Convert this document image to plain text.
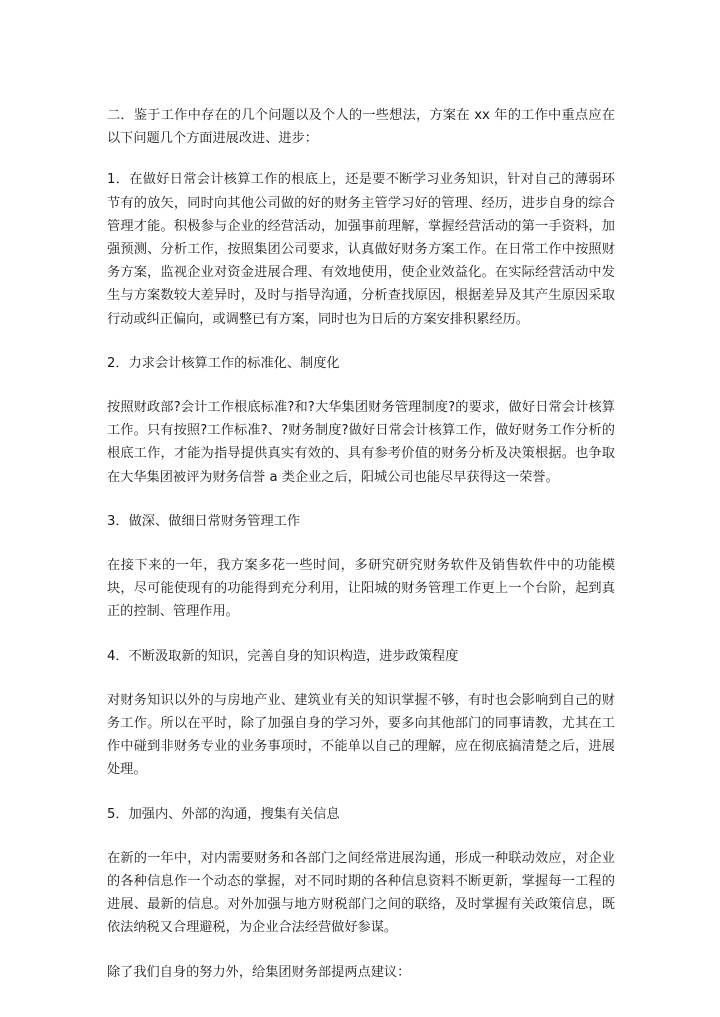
二．鉴于工作中存在的几个问题以及个人的一些想法，方案在 xx 年的工作中重点应在以下问题几个方面进展改进、进步：

1．在做好日常会计核算工作的根底上，还是要不断学习业务知识，针对自己的薄弱环节有的放矢，同时向其他公司做的好的财务主管学习好的管理、经历，进步自身的综合管理才能。积极参与企业的经营活动，加强事前理解，掌握经营活动的第一手资料，加强预测、分析工作，按照集团公司要求，认真做好财务方案工作。在日常工作中按照财务方案，监视企业对资金进展合理、有效地使用，使企业效益化。在实际经营活动中发生与方案数较大差异时，及时与指导沟通，分析查找原因，根据差异及其产生原因采取行动或纠正偏向，或调整已有方案，同时也为日后的方案安排积累经历。

2．力求会计核算工作的标准化、制度化

按照财政部?会计工作根底标准?和?大华集团财务管理制度?的要求，做好日常会计核算工作。只有按照?工作标准?、?财务制度?做好日常会计核算工作，做好财务工作分析的根底工作，才能为指导提供真实有效的、具有参考价值的财务分析及决策根据。也争取在大华集团被评为财务信誉 a 类企业之后，阳城公司也能尽早获得这一荣誉。

3．做深、做细日常财务管理工作

在接下来的一年，我方案多花一些时间，多研究研究财务软件及销售软件中的功能模块，尽可能使现有的功能得到充分利用，让阳城的财务管理工作更上一个台阶，起到真正的控制、管理作用。

4．不断汲取新的知识，完善自身的知识构造，进步政策程度

对财务知识以外的与房地产业、建筑业有关的知识掌握不够，有时也会影响到自己的财务工作。所以在平时，除了加强自身的学习外，要多向其他部门的同事请教，尤其在工作中碰到非财务专业的业务事项时，不能单以自己的理解，应在彻底搞清楚之后，进展处理。

5．加强内、外部的沟通，搜集有关信息

在新的一年中，对内需要财务和各部门之间经常进展沟通，形成一种联动效应，对企业的各种信息作一个动态的掌握，对不同时期的各种信息资料不断更新，掌握每一工程的进展、最新的信息。对外加强与地方财税部门之间的联络，及时掌握有关政策信息，既依法纳税又合理避税，为企业合法经营做好参谋。

除了我们自身的努力外，给集团财务部提两点建议：
